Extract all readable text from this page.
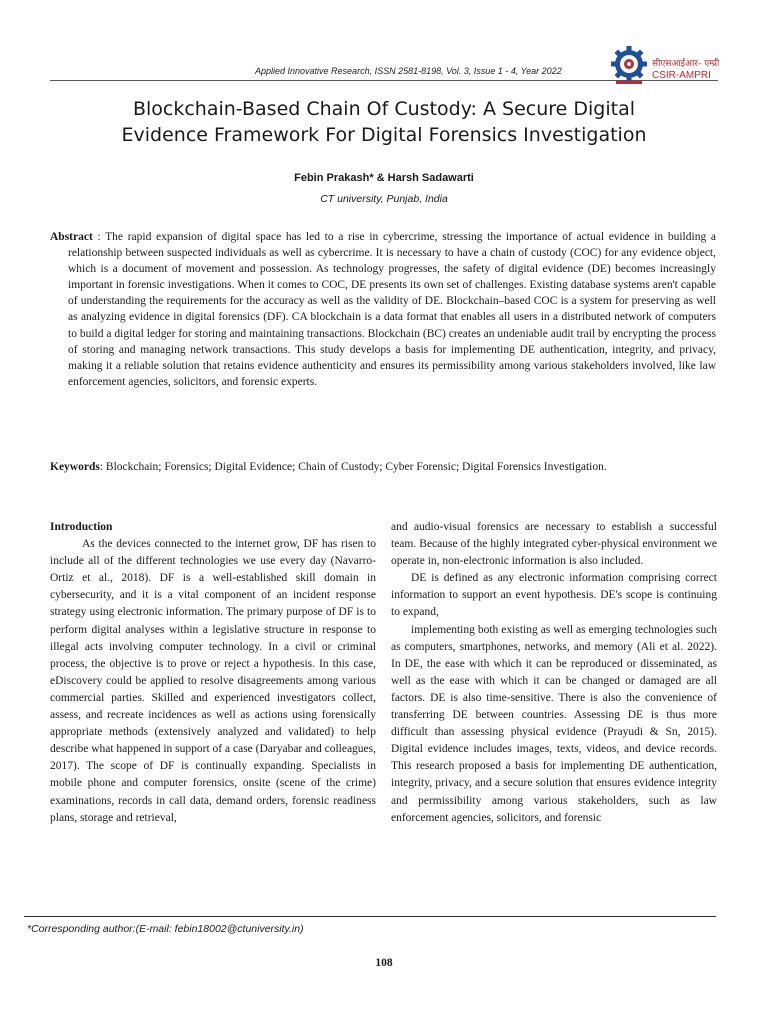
Applied Innovative Research, ISSN 2581-8198, Vol. 3, Issue 1 - 4, Year 2022
सीएसआईआर- एम्प्री
CSIR-AMPRI
Blockchain-Based Chain Of Custody: A Secure Digital
Evidence Framework For Digital Forensics Investigation
Febin Prakash* & Harsh Sadawarti
CT university, Punjab, India
Abstract : The rapid expansion of digital space has led to a rise in cybercrime, stressing the importance of actual evidence in building a relationship between suspected individuals as well as cybercrime. It is necessary to have a chain of custody (COC) for any evidence object, which is a document of movement and possession. As technology progresses, the safety of digital evidence (DE) becomes increasingly important in forensic investigations. When it comes to COC, DE presents its own set of challenges. Existing database systems aren't capable of understanding the requirements for the accuracy as well as the validity of DE. Blockchain–based COC is a system for preserving as well as analyzing evidence in digital forensics (DF). CA blockchain is a data format that enables all users in a distributed network of computers to build a digital ledger for storing and maintaining transactions. Blockchain (BC) creates an undeniable audit trail by encrypting the process of storing and managing network transactions. This study develops a basis for implementing DE authentication, integrity, and privacy, making it a reliable solution that retains evidence authenticity and ensures its permissibility among various stakeholders involved, like law enforcement agencies, solicitors, and forensic experts.
Keywords: Blockchain; Forensics; Digital Evidence; Chain of Custody; Cyber Forensic; Digital Forensics Investigation.

Introduction

As the devices connected to the internet grow, DF has risen to include all of the different technologies we use every day (Navarro-Ortiz et al., 2018). DF is a well-established skill domain in cybersecurity, and it is a vital component of an incident response strategy using electronic information. The primary purpose of DF is to perform digital analyses within a legislative structure in response to illegal acts involving computer technology. In a civil or criminal process, the objective is to prove or reject a hypothesis. In this case, eDiscovery could be applied to resolve disagreements among various commercial parties. Skilled and experienced investigators collect, assess, and recreate incidences as well as actions using forensically appropriate methods (extensively analyzed and validated) to help describe what happened in support of a case (Daryabar and colleagues, 2017). The scope of DF is continually expanding. Specialists in mobile phone and computer forensics, onsite (scene of the crime) examinations, records in call data, demand orders, forensic readiness plans, storage and retrieval,

and audio-visual forensics are necessary to establish a successful team. Because of the highly integrated cyber-physical environment we operate in, non-electronic information is also included.

DE is defined as any electronic information comprising correct information to support an event hypothesis. DE's scope is continuing to expand,

implementing both existing as well as emerging technologies such as computers, smartphones, networks, and memory (Ali et al. 2022). In DE, the ease with which it can be reproduced or disseminated, as well as the ease with which it can be changed or damaged are all factors. DE is also time-sensitive. There is also the convenience of transferring DE between countries. Assessing DE is thus more difficult than assessing physical evidence (Prayudi & Sn, 2015). Digital evidence includes images, texts, videos, and device records. This research proposed a basis for implementing DE authentication, integrity, privacy, and a secure solution that ensures evidence integrity and permissibility among various stakeholders, such as law enforcement agencies, solicitors, and forensic

*Corresponding author:(E-mail: febin18002@ctuniversity.in)
108
